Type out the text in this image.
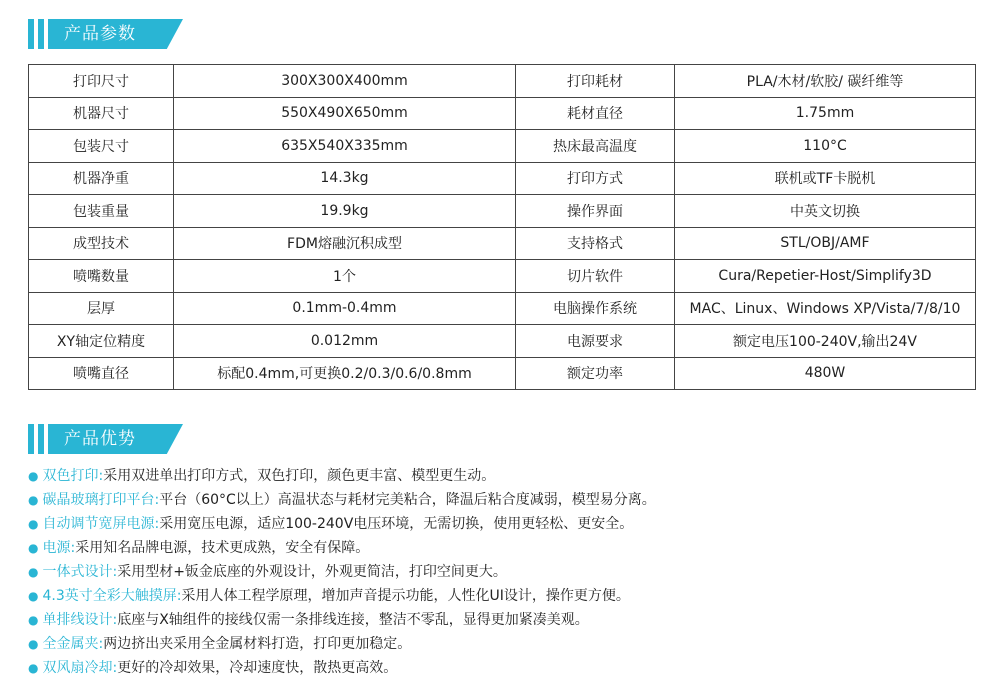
产品参数
打印尺寸	300X300X400mm	打印耗材	PLA/木材/软胶/ 碳纤维等
机器尺寸	550X490X650mm	耗材直径	1.75mm
包装尺寸	635X540X335mm	热床最高温度	110°C
机器净重	14.3kg	打印方式	联机或TF卡脱机
包装重量	19.9kg	操作界面	中英文切换
成型技术	FDM熔融沉积成型	支持格式	STL/OBJ/AMF
喷嘴数量	1个	切片软件	Cura/Repetier-Host/Simplify3D
层厚	0.1mm-0.4mm	电脑操作系统	MAC、Linux、Windows XP/Vista/7/8/10
XY轴定位精度	0.012mm	电源要求	额定电压100-240V,输出24V
喷嘴直径	标配0.4mm,可更换0.2/0.3/0.6/0.8mm	额定功率	480W
产品优势
● 双色打印:采用双进单出打印方式，双色打印，颜色更丰富、模型更生动。
● 碳晶玻璃打印平台:平台（60°C以上）高温状态与耗材完美粘合，降温后粘合度减弱，模型易分离。
● 自动调节宽屏电源:采用宽压电源，适应100-240V电压环境，无需切换，使用更轻松、更安全。
● 电源:采用知名品牌电源，技术更成熟，安全有保障。
● 一体式设计:采用型材+钣金底座的外观设计，外观更简洁，打印空间更大。
● 4.3英寸全彩大触摸屏:采用人体工程学原理，增加声音提示功能，人性化UI设计，操作更方便。
● 单排线设计:底座与X轴组件的接线仅需一条排线连接，整洁不零乱，显得更加紧凑美观。
● 全金属夹:两边挤出夹采用全金属材料打造，打印更加稳定。
● 双风扇冷却:更好的冷却效果，冷却速度快，散热更高效。
